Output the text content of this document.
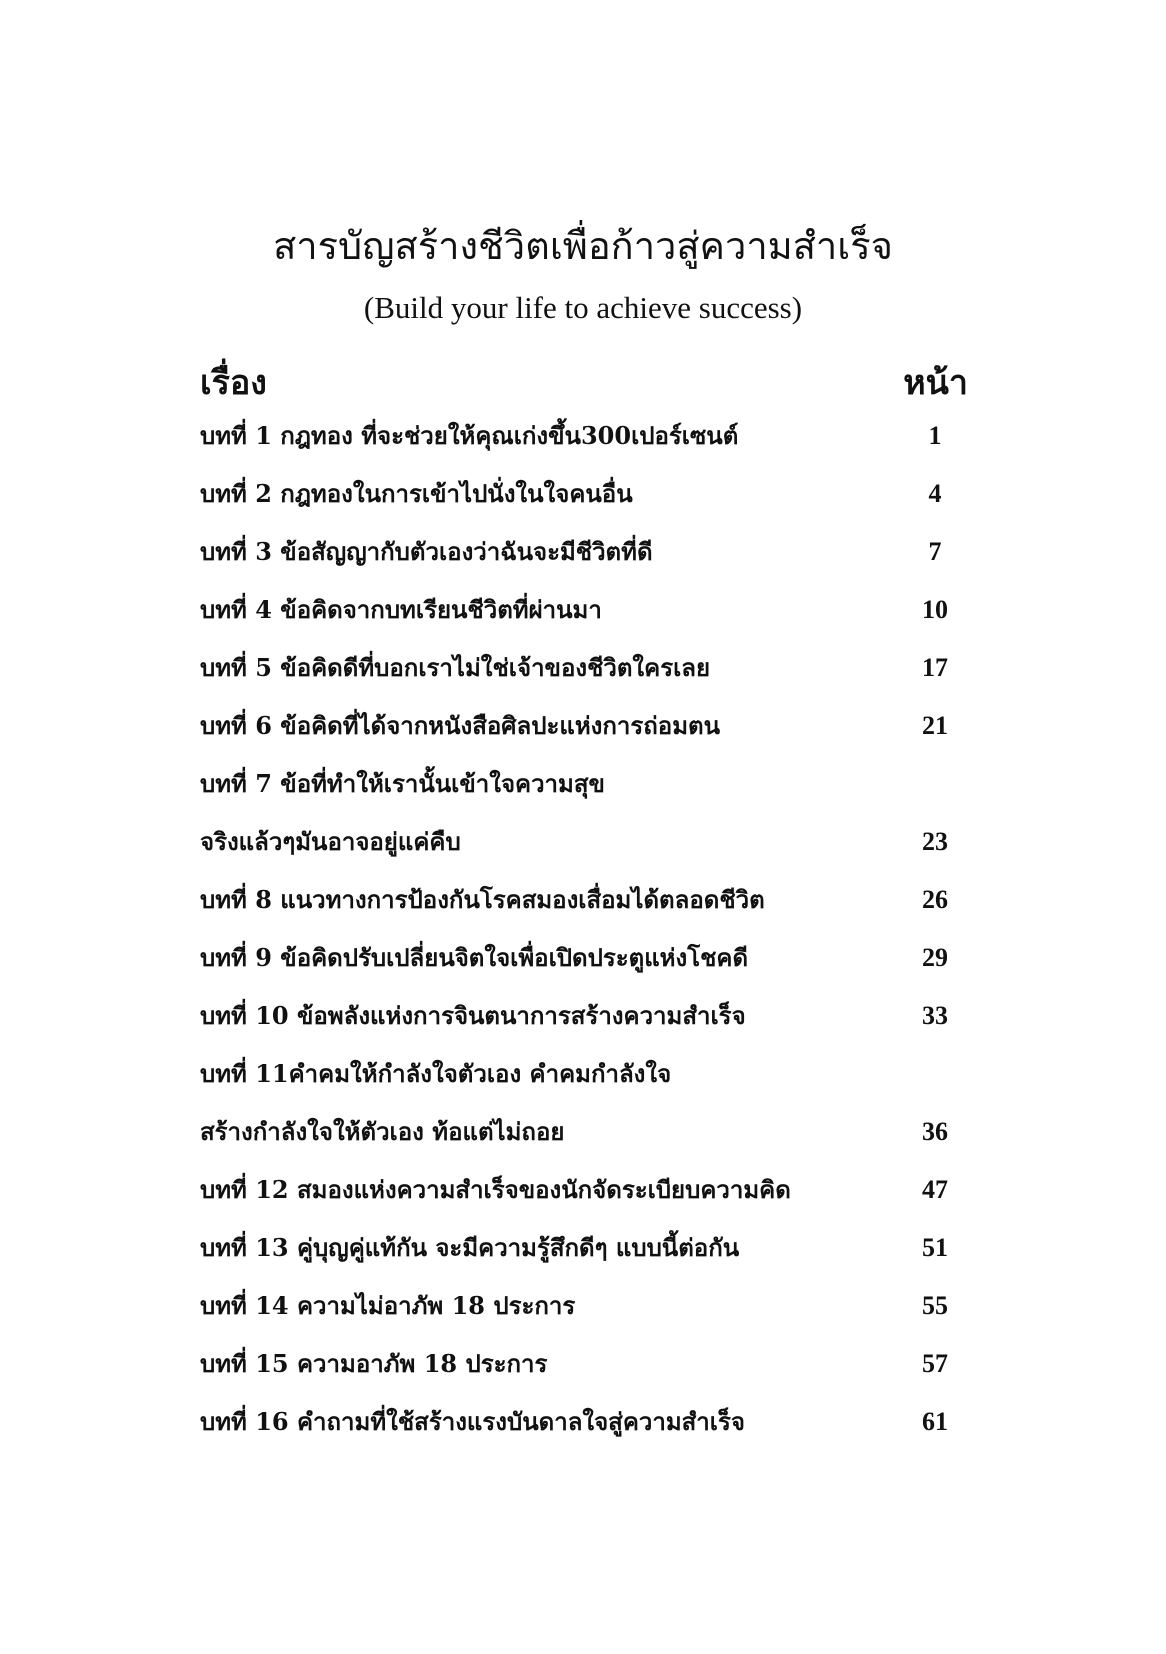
สารบัญสร้างชีวิตเพื่อก้าวสู่ความสำเร็จ
(Build your life to achieve success)
เรื่อง	หน้า
บทที่ 1 กฎทอง ที่จะช่วยให้คุณเก่งขึ้น300เปอร์เซนต์	1
บทที่ 2 กฎทองในการเข้าไปนั่งในใจคนอื่น	4
บทที่ 3 ข้อสัญญากับตัวเองว่าฉันจะมีชีวิตที่ดี	7
บทที่ 4 ข้อคิดจากบทเรียนชีวิตที่ผ่านมา	10
บทที่ 5 ข้อคิดดีที่บอกเราไม่ใช่เจ้าของชีวิตใครเลย	17
บทที่ 6 ข้อคิดที่ได้จากหนังสือศิลปะแห่งการถ่อมตน	21
บทที่ 7 ข้อที่ทำให้เรานั้นเข้าใจความสุข
จริงแล้วๆมันอาจอยู่แค่คืบ	23
บทที่ 8 แนวทางการป้องกันโรคสมองเสื่อมได้ตลอดชีวิต	26
บทที่ 9 ข้อคิดปรับเปลี่ยนจิตใจเพื่อเปิดประตูแห่งโชคดี	29
บทที่ 10 ข้อพลังแห่งการจินตนาการสร้างความสำเร็จ	33
บทที่ 11คำคมให้กำลังใจตัวเอง คำคมกำลังใจ
สร้างกำลังใจให้ตัวเอง ท้อแต่ไม่ถอย	36
บทที่ 12 สมองแห่งความสำเร็จของนักจัดระเบียบความคิด	47
บทที่ 13 คู่บุญคู่แท้กัน จะมีความรู้สึกดีๆ แบบนี้ต่อกัน	51
บทที่ 14 ความไม่อาภัพ 18 ประการ	55
บทที่ 15 ความอาภัพ 18 ประการ	57
บทที่ 16 คำถามที่ใช้สร้างแรงบันดาลใจสู่ความสำเร็จ	61
